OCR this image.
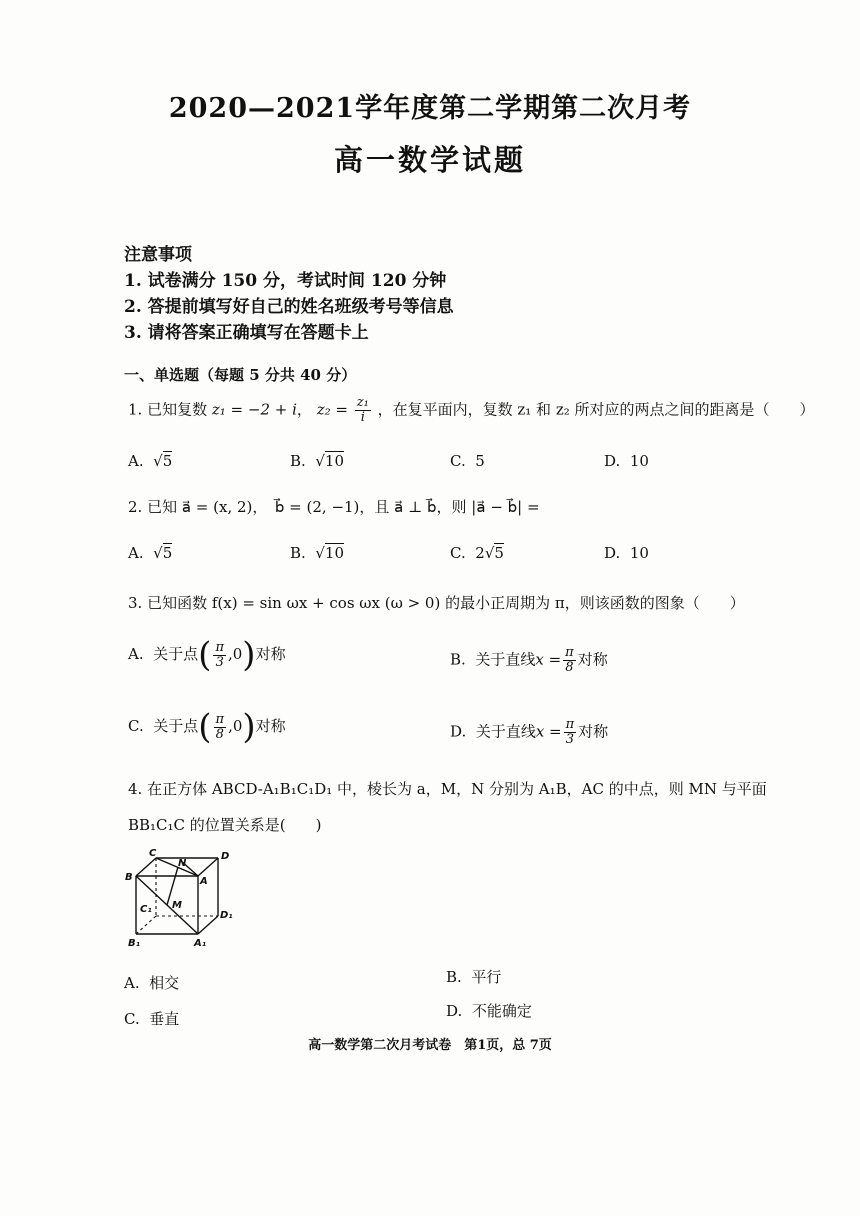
2020—2021学年度第二学期第二次月考
高一数学试题
注意事项
1. 试卷满分 150 分，考试时间 120 分钟
2. 答提前填写好自己的姓名班级考号等信息
3. 请将答案正确填写在答题卡上
一、单选题（每题 5 分共 40 分）
1. 已知复数 z₁ = −2 + i， $z_2 = \frac{\text{z₁}}{i}$ ，在复平面内，复数 z₁ 和 z₂ 所对应的两点之间的距离是（　　）
A.  √5	B.  √10	C. 5	D. 10
2. 已知 a⃗ = (x, 2)，　b⃗ = (2, −1)，且 a⃗ ⊥ b⃗，则 |a⃗ − b⃗| =
A.  √5	B.  √10	C. 2√5	D. 10
3. 已知函数 f(x) = sin ωx + cos ωx (ω > 0) 的最小正周期为 π，则该函数的图象（　　）
A. 关于点( $\frac{\pi}{3} ,0$)对称	B. 关于直线$x = \frac{\pi}{8}$ 对称
C. 关于点( $\frac{\pi}{8} ,0$)对称	D. 关于直线$x = \frac{\pi}{3}$ 对称
4. 在正方体 ABCD-A₁B₁C₁D₁ 中，棱长为 a，M，N 分别为 A₁B，AC 的中点，则 MN 与平面
BB₁C₁C 的位置关系是(　　)
C
N
D
B	A
C₁ M
D₁
B₁	A₁
A. 相交	B. 平行
C. 垂直	D. 不能确定
高一数学第二次月考试卷　第1页，总 7页
